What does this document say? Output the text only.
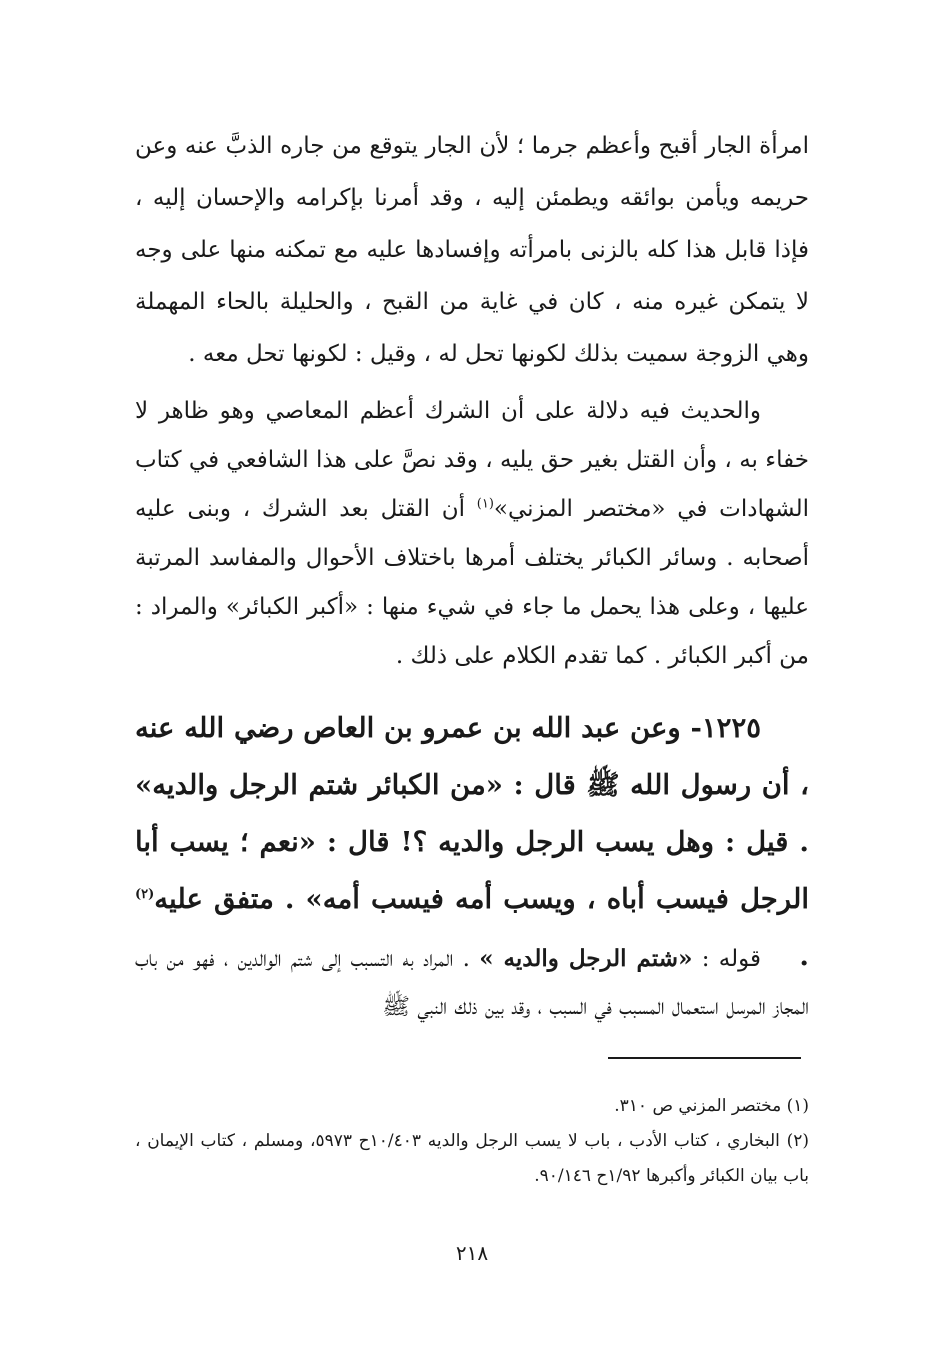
امرأة الجار أقبح وأعظم جرما ؛ لأن الجار يتوقع من جاره الذبَّ عنه وعن حريمه ويأمن بوائقه ويطمئن إليه ، وقد أمرنا بإكرامه والإحسان إليه ، فإذا قابل هذا كله بالزنى بامرأته وإفسادها عليه مع تمكنه منها على وجه لا يتمكن غيره منه ، كان في غاية من القبح ، والحليلة بالحاء المهملة وهي الزوجة سميت بذلك لكونها تحل له ، وقيل : لكونها تحل معه .

والحديث فيه دلالة على أن الشرك أعظم المعاصي وهو ظاهر لا خفاء به ، وأن القتل بغير حق يليه ، وقد نصَّ على هذا الشافعي في كتاب الشهادات في «مختصر المزني»$^{(١)}$ أن القتل بعد الشرك ، وبنى عليه أصحابه . وسائر الكبائر يختلف أمرها باختلاف الأحوال والمفاسد المرتبة عليها ، وعلى هذا يحمل ما جاء في شيء منها : «أكبر الكبائر» والمراد : من أكبر الكبائر . كما تقدم الكلام على ذلك .

١٢٢٥- وعن عبد الله بن عمرو بن العاص رضي الله عنه ، أن رسول الله ﷺ قال : «من الكبائر شتم الرجل والديه» . قيل : وهل يسب الرجل والديه ؟! قال : «نعم ؛ يسب أبا الرجل فيسب أباه ، ويسب أمه فيسب أمه» . متفق عليه$^{(٢)}$ .

قوله : «شتم الرجل والديه » . المراد به التسبب إلى شتم الوالدين ، فهو من باب المجاز المرسل استعمال المسبب في السبب ، وقد بين ذلك النبي ﷺ

(١) مختصر المزني ص ٣١٠.

(٢) البخاري ، كتاب الأدب ، باب لا يسب الرجل والديه ١٠/٤٠٣ح ٥٩٧٣، ومسلم ، كتاب الإيمان ، باب بيان الكبائر وأكبرها ١/٩٢ح ٩٠/١٤٦.

٢١٨
